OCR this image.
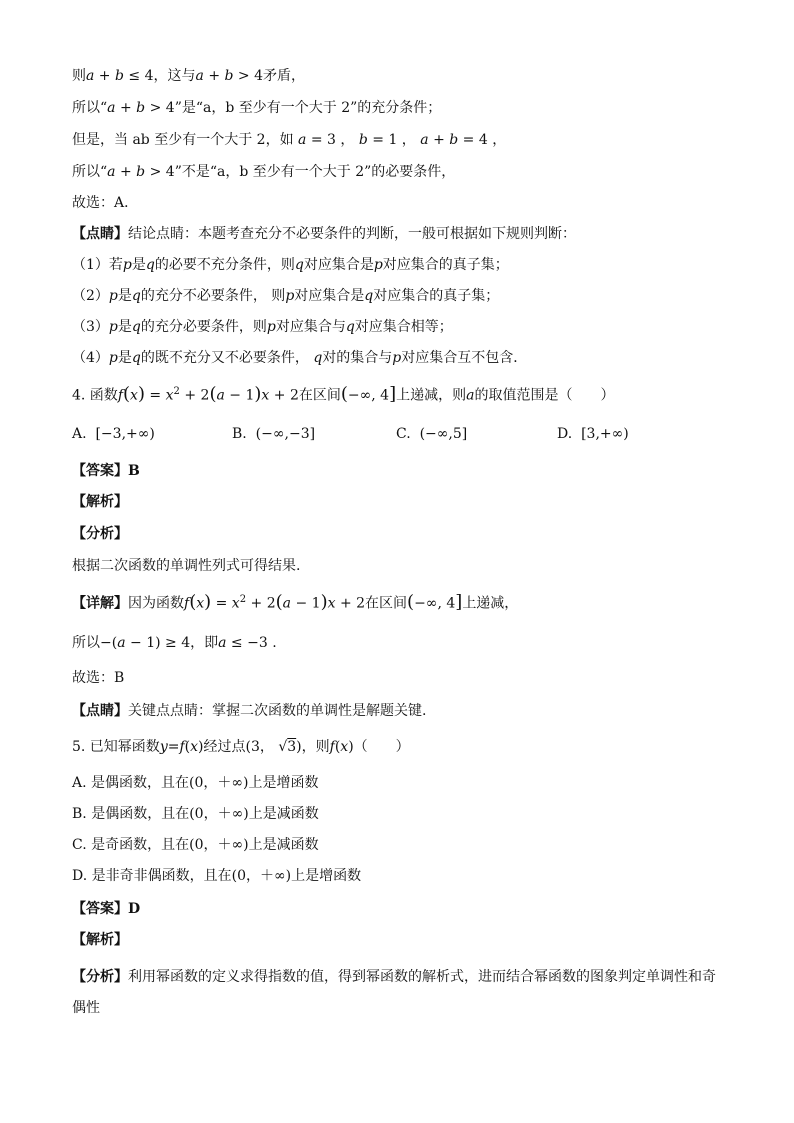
则a + b ≤ 4，这与a + b > 4矛盾，
所以“a + b > 4”是“a，b 至少有一个大于 2”的充分条件；
但是，当 ab 至少有一个大于 2，如 a = 3 ， b = 1 ， a + b = 4 ，
所以“a + b > 4”不是“a，b 至少有一个大于 2”的必要条件，
故选：A．
【点睛】结论点睛：本题考查充分不必要条件的判断，一般可根据如下规则判断：
（1）若p是q的必要不充分条件，则q对应集合是p对应集合的真子集；
（2）p是q的充分不必要条件， 则p对应集合是q对应集合的真子集；
（3）p是q的充分必要条件，则p对应集合与q对应集合相等；
（4）p是q的既不充分又不必要条件， q对的集合与p对应集合互不包含．
4. 函数$f(x) = x^2 + 2(a - 1)x + 2$在区间(−∞, 4]上递减，则a的取值范围是（　　）
A. [−3,+∞)	B. (−∞,−3]	C. (−∞,5]	D. [3,+∞)
【答案】B
【解析】
【分析】
根据二次函数的单调性列式可得结果.
【详解】因为函数$f(x) = x^2 + 2(a - 1)x + 2$在区间(−∞, 4]上递减，
所以−(a − 1) ≥ 4，即a ≤ −3 .
故选：B
【点睛】关键点点睛：掌握二次函数的单调性是解题关键.
5. 已知幂函数y=f(x)经过点(3， √3)，则f(x)（　　）
A. 是偶函数，且在(0，＋∞)上是增函数
B. 是偶函数，且在(0，＋∞)上是减函数
C. 是奇函数，且在(0，＋∞)上是减函数
D. 是非奇非偶函数，且在(0，＋∞)上是增函数
【答案】D
【解析】
【分析】利用幂函数的定义求得指数的值，得到幂函数的解析式，进而结合幂函数的图象判定单调性和奇偶性
